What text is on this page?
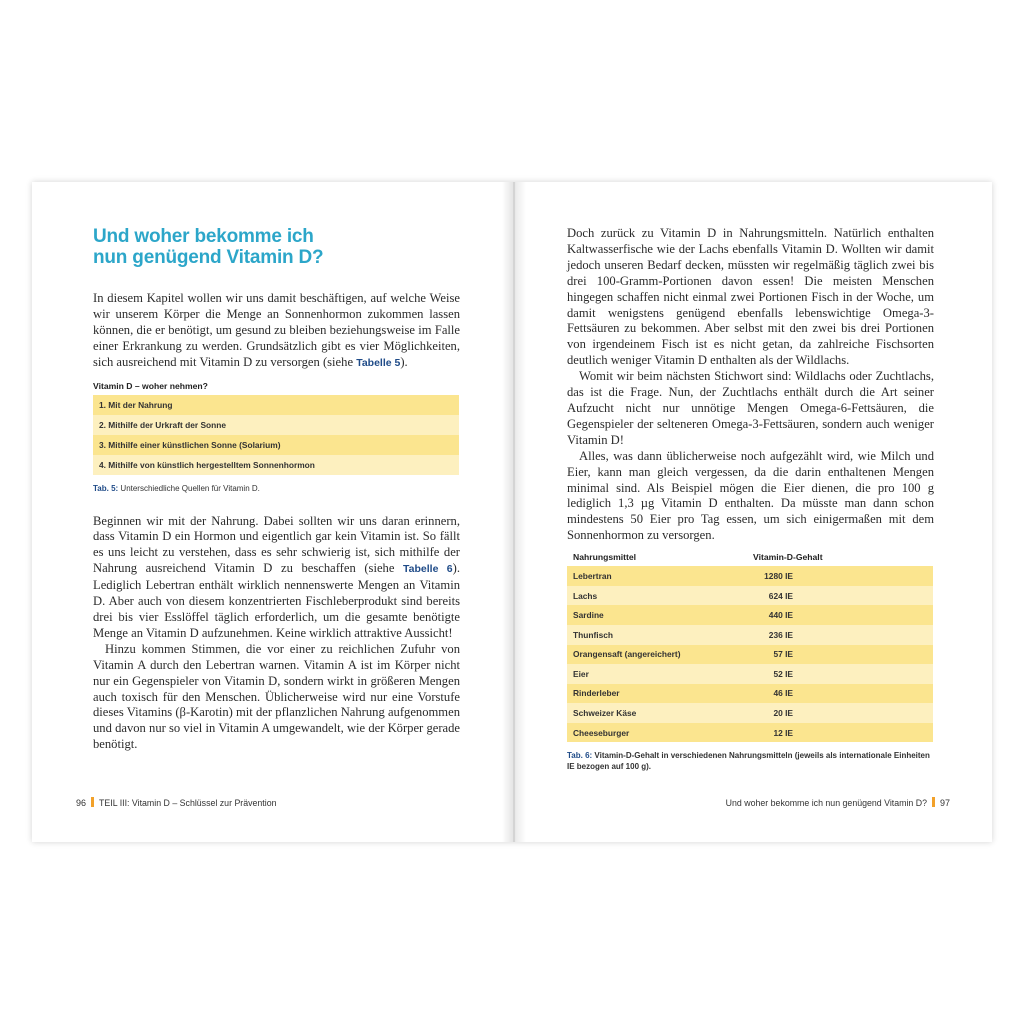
Und woher bekomme ich
nun genügend Vitamin D?

In diesem Kapitel wollen wir uns damit beschäftigen, auf welche Weise wir unserem Körper die Menge an Sonnenhormon zukommen lassen können, die er benötigt, um gesund zu bleiben beziehungsweise im Falle einer Erkrankung zu werden. Grundsätzlich gibt es vier Möglichkeiten, sich ausreichend mit Vitamin D zu versorgen (siehe Tabelle 5).

Vitamin D – woher nehmen?
1. Mit der Nahrung
2. Mithilfe der Urkraft der Sonne
3. Mithilfe einer künstlichen Sonne (Solarium)
4. Mithilfe von künstlich hergestelltem Sonnenhormon
Tab. 5: Unterschiedliche Quellen für Vitamin D.

Beginnen wir mit der Nahrung. Dabei sollten wir uns daran erinnern, dass Vitamin D ein Hormon und eigentlich gar kein Vitamin ist. So fällt es uns leicht zu verstehen, dass es sehr schwierig ist, sich mithilfe der Nahrung ausreichend Vitamin D zu beschaffen (siehe Tabelle 6). Lediglich Lebertran enthält wirklich nennenswerte Mengen an Vitamin D. Aber auch von diesem konzentrierten Fischleberprodukt sind bereits drei bis vier Esslöffel täglich erforderlich, um die gesamte benötigte Menge an Vitamin D aufzunehmen. Keine wirklich attraktive Aussicht!

Hinzu kommen Stimmen, die vor einer zu reichlichen Zufuhr von Vitamin A durch den Lebertran warnen. Vitamin A ist im Körper nicht nur ein Gegenspieler von Vitamin D, sondern wirkt in größeren Mengen auch toxisch für den Menschen. Üblicherweise wird nur eine Vorstufe dieses Vitamins (β-Karotin) mit der pflanzlichen Nahrung aufgenommen und davon nur so viel in Vitamin A umgewandelt, wie der Körper gerade benötigt.

96 TEIL III: Vitamin D – Schlüssel zur Prävention

Doch zurück zu Vitamin D in Nahrungsmitteln. Natürlich enthalten Kaltwasserfische wie der Lachs ebenfalls Vitamin D. Wollten wir damit jedoch unseren Bedarf decken, müssten wir regelmäßig täglich zwei bis drei 100-Gramm-Portionen davon essen! Die meisten Menschen hingegen schaffen nicht einmal zwei Portionen Fisch in der Woche, um damit wenigstens genügend ebenfalls lebenswichtige Omega-3-Fettsäuren zu bekommen. Aber selbst mit den zwei bis drei Portionen von irgendeinem Fisch ist es nicht getan, da zahlreiche Fischsorten deutlich weniger Vitamin D enthalten als der Wildlachs.

Womit wir beim nächsten Stichwort sind: Wildlachs oder Zuchtlachs, das ist die Frage. Nun, der Zuchtlachs enthält durch die Art seiner Aufzucht nicht nur unnötige Mengen Omega-6-Fettsäuren, die Gegenspieler der selteneren Omega-3-Fettsäuren, sondern auch weniger Vitamin D!

Alles, was dann üblicherweise noch aufgezählt wird, wie Milch und Eier, kann man gleich vergessen, da die darin enthaltenen Mengen minimal sind. Als Beispiel mögen die Eier dienen, die pro 100 g lediglich 1,3 µg Vitamin D enthalten. Da müsste man dann schon mindestens 50 Eier pro Tag essen, um sich einigermaßen mit dem Sonnenhormon zu versorgen.

Nahrungsmittel	Vitamin-D-Gehalt
Lebertran	1280 IE
Lachs	624 IE
Sardine	440 IE
Thunfisch	236 IE
Orangensaft (angereichert)	57 IE
Eier	52 IE
Rinderleber	46 IE
Schweizer Käse	20 IE
Cheeseburger	12 IE
Tab. 6: Vitamin-D-Gehalt in verschiedenen Nahrungsmitteln (jeweils als internationale Einheiten IE bezogen auf 100 g).
Und woher bekomme ich nun genügend Vitamin D? 97
